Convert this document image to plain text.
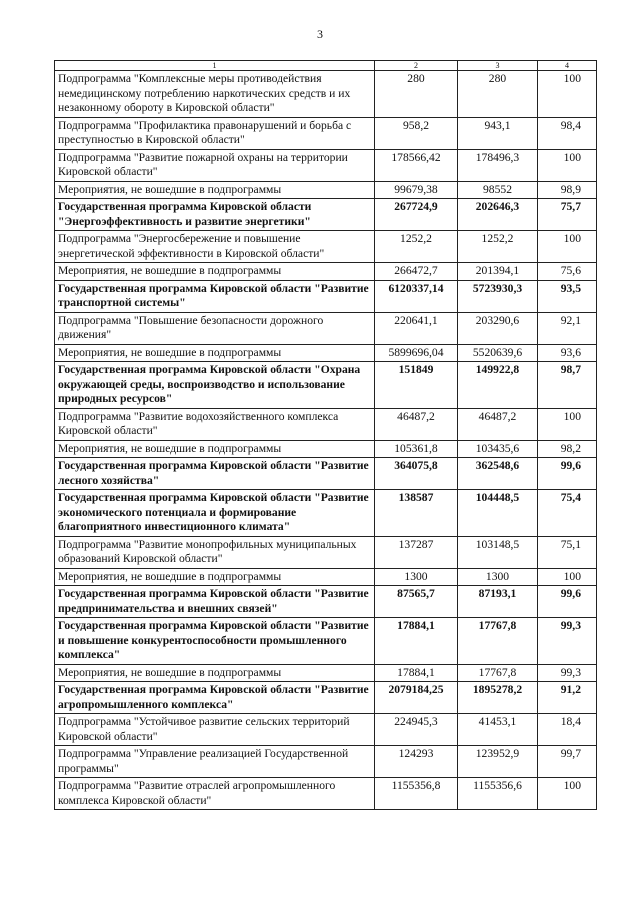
3
1	2	3	4
Подпрограмма "Комплексные меры противодействия немедицинскому потреблению наркотических средств и их незаконному обороту в Кировской области"	280	280	100
Подпрограмма "Профилактика правонарушений и борьба с преступностью в Кировской области"	958,2	943,1	98,4
Подпрограмма "Развитие пожарной охраны на территории Кировской области"	178566,42	178496,3	100
Мероприятия, не вошедшие в подпрограммы	99679,38	98552	98,9
Государственная программа Кировской области "Энергоэффективность и развитие энергетики"	267724,9	202646,3	75,7
Подпрограмма "Энергосбережение и повышение энергетической эффективности в Кировской области"	1252,2	1252,2	100
Мероприятия, не вошедшие в подпрограммы	266472,7	201394,1	75,6
Государственная программа Кировской области "Развитие транспортной системы"	6120337,14	5723930,3	93,5
Подпрограмма "Повышение безопасности дорожного движения"	220641,1	203290,6	92,1
Мероприятия, не вошедшие в подпрограммы	5899696,04	5520639,6	93,6
Государственная программа Кировской области "Охрана окружающей среды, воспроизводство и использование природных ресурсов"	151849	149922,8	98,7
Подпрограмма "Развитие водохозяйственного комплекса Кировской области"	46487,2	46487,2	100
Мероприятия, не вошедшие в подпрограммы	105361,8	103435,6	98,2
Государственная программа Кировской области "Развитие лесного хозяйства"	364075,8	362548,6	99,6
Государственная программа Кировской области "Развитие экономического потенциала и формирование благоприятного инвестиционного климата"	138587	104448,5	75,4
Подпрограмма "Развитие монопрофильных муниципальных образований Кировской области"	137287	103148,5	75,1
Мероприятия, не вошедшие в подпрограммы	1300	1300	100
Государственная программа Кировской области "Развитие предпринимательства и внешних связей"	87565,7	87193,1	99,6
Государственная программа Кировской области "Развитие и повышение конкурентоспособности промышленного комплекса"	17884,1	17767,8	99,3
Мероприятия, не вошедшие в подпрограммы	17884,1	17767,8	99,3
Государственная программа Кировской области "Развитие агропромышленного комплекса"	2079184,25	1895278,2	91,2
Подпрограмма "Устойчивое развитие сельских территорий Кировской области"	224945,3	41453,1	18,4
Подпрограмма "Управление реализацией Государственной программы"	124293	123952,9	99,7
Подпрограмма "Развитие отраслей агропромышленного комплекса Кировской области"	1155356,8	1155356,6	100
